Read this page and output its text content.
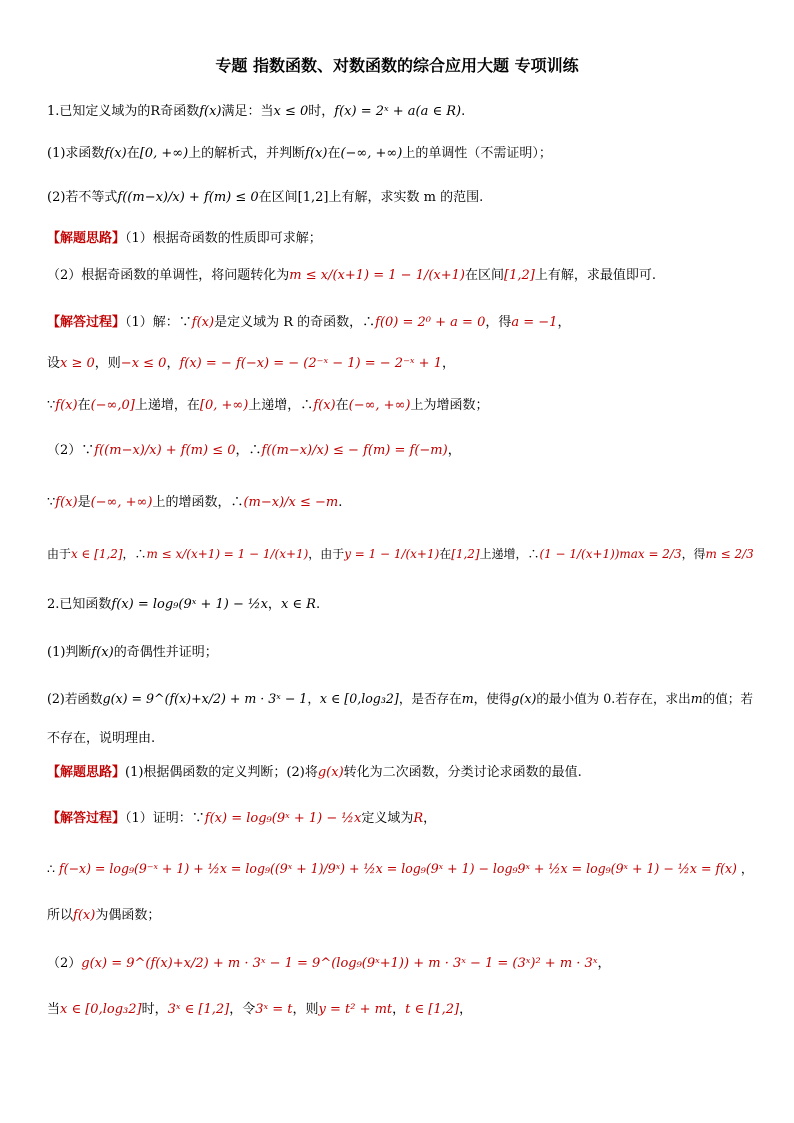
专题 指数函数、对数函数的综合应用大题 专项训练
1.已知定义域为的R奇函数f(x)满足：当x ≤ 0时，f(x) = 2ˣ + a(a ∈ R).
(1)求函数f(x)在[0, +∞)上的解析式，并判断f(x)在(−∞, +∞)上的单调性（不需证明）；
(2)若不等式f((m−x)/x) + f(m) ≤ 0在区间[1,2]上有解，求实数 m 的范围.
【解题思路】（1）根据奇函数的性质即可求解；
（2）根据奇函数的单调性，将问题转化为m ≤ x/(x+1) = 1 − 1/(x+1)在区间[1,2]上有解，求最值即可.
【解答过程】（1）解：∵f(x)是定义域为 R 的奇函数，∴f(0) = 2⁰ + a = 0，得a = −1，
设x ≥ 0，则−x ≤ 0，f(x) = − f(−x) = − (2⁻ˣ − 1) = − 2⁻ˣ + 1，
∵f(x)在(−∞,0]上递增，在[0, +∞)上递增，∴f(x)在(−∞, +∞)上为增函数；
（2）∵f((m−x)/x) + f(m) ≤ 0，∴f((m−x)/x) ≤ − f(m) = f(−m)，
∵f(x)是(−∞, +∞)上的增函数，∴(m−x)/x ≤ −m.
由于x ∈ [1,2]，∴m ≤ x/(x+1) = 1 − 1/(x+1)，由于y = 1 − 1/(x+1)在[1,2]上递增，∴(1 − 1/(x+1))max = 2/3，得m ≤ 2/3
2.已知函数f(x) = log₉(9ˣ + 1) − ½x，x ∈ R.
(1)判断f(x)的奇偶性并证明；
(2)若函数g(x) = 9^(f(x)+x/2) + m · 3ˣ − 1，x ∈ [0,log₃2]，是否存在m，使得g(x)的最小值为 0.若存在，求出m的值；若
不存在，说明理由.
【解题思路】(1)根据偶函数的定义判断；(2)将g(x)转化为二次函数，分类讨论求函数的最值.
【解答过程】（1）证明：∵f(x) = log₉(9ˣ + 1) − ½x定义域为R，
∴ f(−x) = log₉(9⁻ˣ + 1) + ½x = log₉((9ˣ + 1)/9ˣ) + ½x = log₉(9ˣ + 1) − log₉9ˣ + ½x = log₉(9ˣ + 1) − ½x = f(x) ，
所以f(x)为偶函数；
（2）g(x) = 9^(f(x)+x/2) + m · 3ˣ − 1 = 9^(log₉(9ˣ+1)) + m · 3ˣ − 1 = (3ˣ)² + m · 3ˣ，
当x ∈ [0,log₃2]时，3ˣ ∈ [1,2]，令3ˣ = t，则y = t² + mt，t ∈ [1,2]，
